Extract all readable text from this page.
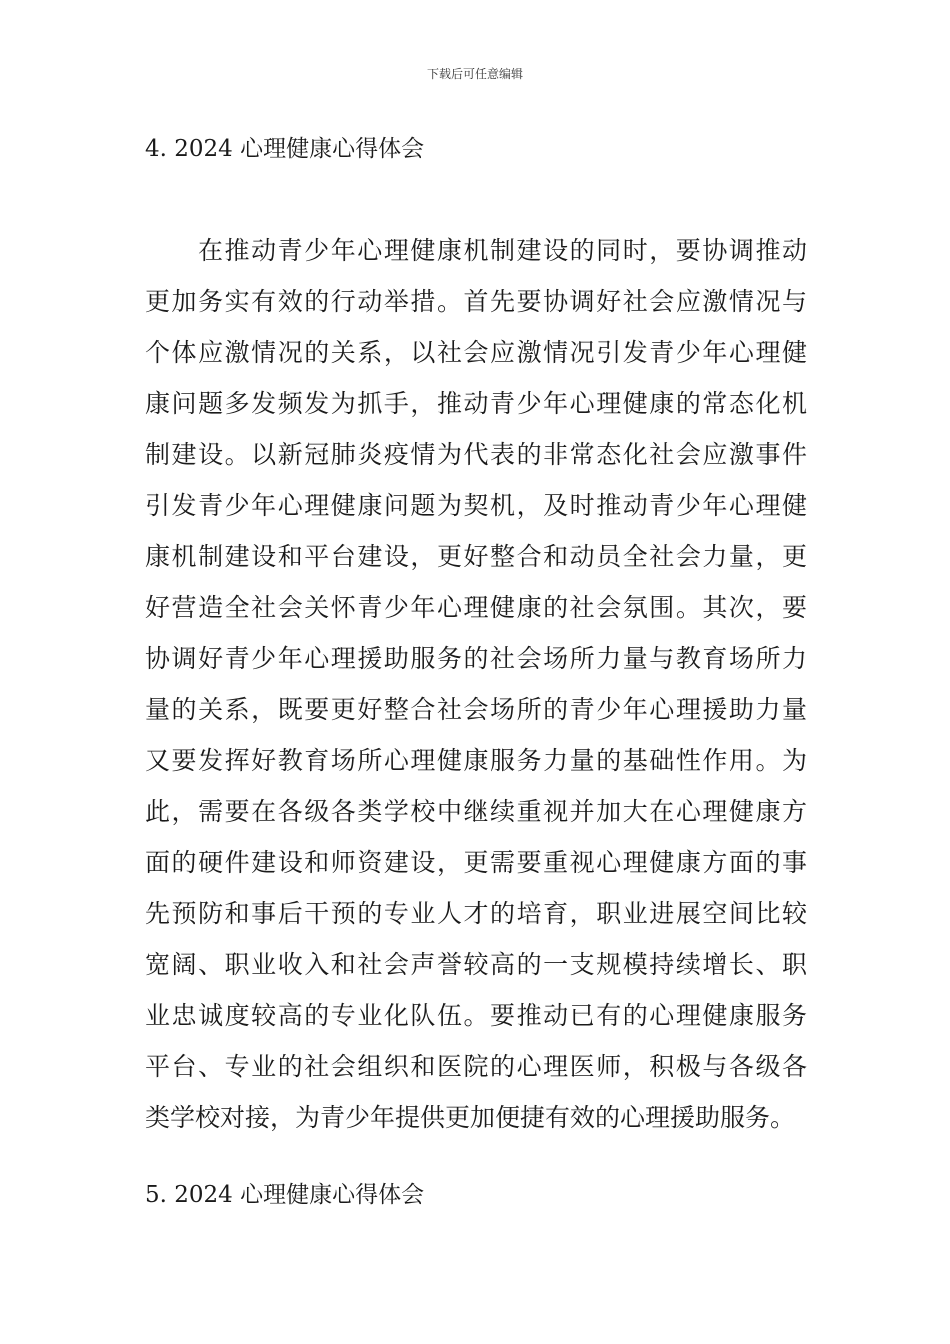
下载后可任意编辑
4. 2024 心理健康心得体会
在推动青少年心理健康机制建设的同时，要协调推动
更加务实有效的行动举措。首先要协调好社会应激情况与
个体应激情况的关系，以社会应激情况引发青少年心理健
康问题多发频发为抓手，推动青少年心理健康的常态化机
制建设。以新冠肺炎疫情为代表的非常态化社会应激事件
引发青少年心理健康问题为契机，及时推动青少年心理健
康机制建设和平台建设，更好整合和动员全社会力量，更
好营造全社会关怀青少年心理健康的社会氛围。其次，要
协调好青少年心理援助服务的社会场所力量与教育场所力
量的关系，既要更好整合社会场所的青少年心理援助力量
又要发挥好教育场所心理健康服务力量的基础性作用。为
此，需要在各级各类学校中继续重视并加大在心理健康方
面的硬件建设和师资建设，更需要重视心理健康方面的事
先预防和事后干预的专业人才的培育，职业进展空间比较
宽阔、职业收入和社会声誉较高的一支规模持续增长、职
业忠诚度较高的专业化队伍。要推动已有的心理健康服务
平台、专业的社会组织和医院的心理医师，积极与各级各
类学校对接，为青少年提供更加便捷有效的心理援助服务。
5. 2024 心理健康心得体会
